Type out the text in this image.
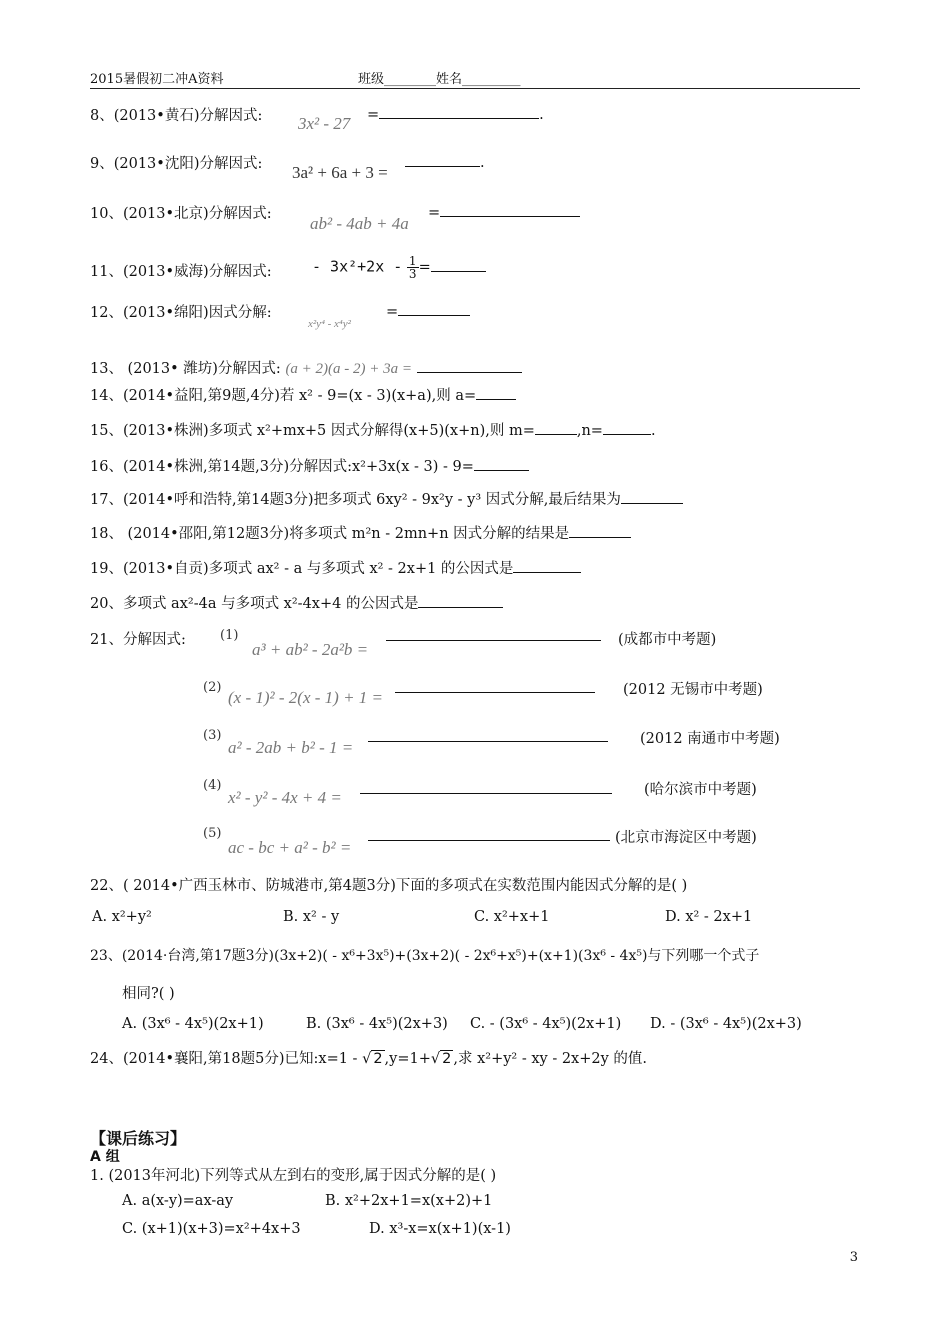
2015暑假初二冲A资料	班级________姓名_________
8、(2013•黄石)分解因式: 3x² - 27 =	.
9、(2013•沈阳)分解因式: 3a² + 6a + 3 =	.
10、(2013•北京)分解因式: ab² - 4ab + 4a
=
11、(2013•威海)分解因式:	- $3x^2+2x - \frac{1}{3}$ =
12、(2013•绵阳)因式分解:
x²y⁴ - x⁴y²
=
13、 (2013• 潍坊)分解因式: (a + 2)(a - 2) + 3a =
14、(2014•益阳,第9题,4分)若 x² - 9=(x - 3)(x+a),则 a=
15、(2013•株洲)多项式 x²+mx+5 因式分解得(x+5)(x+n),则 m=	,n=	.
16、(2014•株洲,第14题,3分)分解因式:x²+3x(x - 3) - 9=
17、(2014•呼和浩特,第14题3分)把多项式 6xy² - 9x²y - y³ 因式分解,最后结果为
18、 (2014•邵阳,第12题3分)将多项式 m²n - 2mn+n 因式分解的结果是
19、(2013•自贡)多项式 ax² - a 与多项式 x² - 2x+1 的公因式是
20、多项式 ax²-4a 与多项式 x²-4x+4 的公因式是
21、分解因式:	(1)
a³ + ab² - 2a²b =	(成都市中考题)
(2)
(x - 1)² - 2(x - 1) + 1 =	(2012 无锡市中考题)
(3)
a² - 2ab + b² - 1 =	(2012 南通市中考题)
(4)
x² - y² - 4x + 4 =	(哈尔滨市中考题)
(5)
ac - bc + a² - b² =	(北京市海淀区中考题)
22、( 2014•广西玉林市、防城港市,第4题3分)下面的多项式在实数范围内能因式分解的是( )
A. x²+y²	B. x² - y	C. x²+x+1	D. x² - 2x+1
23、(2014·台湾,第17题3分)(3x+2)( - x⁶+3x⁵)+(3x+2)( - 2x⁶+x⁵)+(x+1)(3x⁶ - 4x⁵)与下列哪一个式子
相同?( )
A. (3x⁶ - 4x⁵)(2x+1)	B. (3x⁶ - 4x⁵)(2x+3) C. - (3x⁶ - 4x⁵)(2x+1) D. - (3x⁶ - 4x⁵)(2x+3)
24、(2014•襄阳,第18题5分)已知:x=1 - √ 2 ,y=1+√ 2 ,求 x²+y² - xy - 2x+2y 的值.
【课后练习】
A 组
1. (2013年河北)下列等式从左到右的变形,属于因式分解的是( )
A. a(x-y)=ax-ay	B. x²+2x+1=x(x+2)+1
C. (x+1)(x+3)=x²+4x+3	D. x³-x=x(x+1)(x-1)
3
